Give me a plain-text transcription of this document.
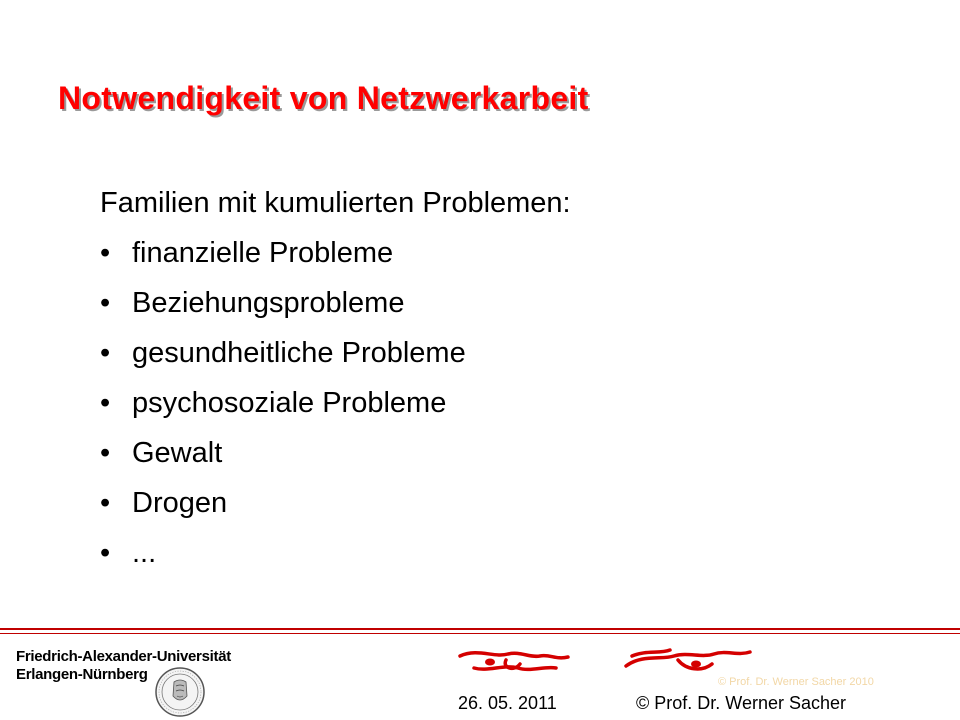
Notwendigkeit von Netzwerkarbeit
Familien mit kumulierten Problemen:
• finanzielle Probleme
• Beziehungsprobleme
• gesundheitliche Probleme
• psychosoziale Probleme
• Gewalt
• Drogen
• ...
Friedrich-Alexander-Universität
Erlangen-Nürnberg	© Prof. Dr. Werner Sacher 2010
26. 05. 2011	© Prof. Dr. Werner Sacher
